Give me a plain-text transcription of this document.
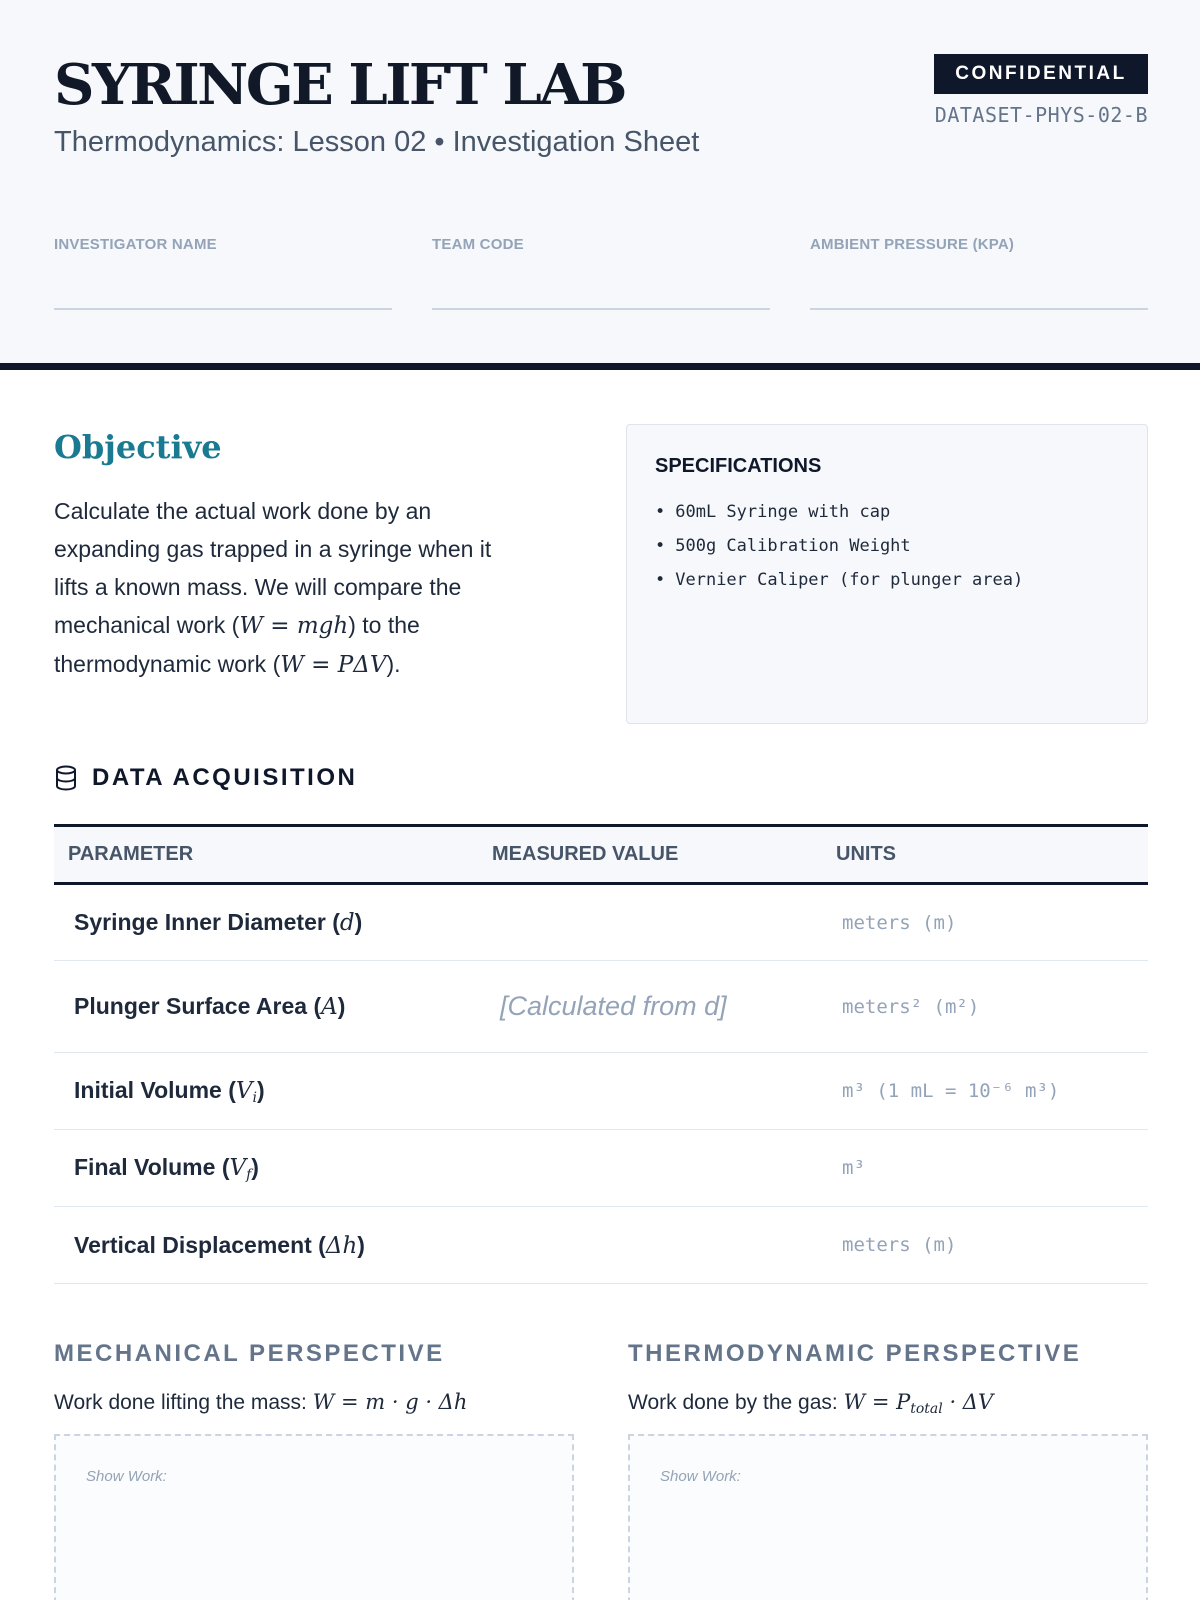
SYRINGE LIFT LAB
Thermodynamics: Lesson 02 • Investigation Sheet
CONFIDENTIAL
DATASET-PHYS-02-B
INVESTIGATOR NAME	TEAM CODE	AMBIENT PRESSURE (KPA)
Objective
Calculate the actual work done by an
expanding gas trapped in a syringe when it
lifts a known mass. We will compare the
mechanical work (W = mgh) to the
thermodynamic work (W = PΔV).
SPECIFICATIONS
• 60mL Syringe with cap
• 500g Calibration Weight
• Vernier Caliper (for plunger area)
DATA ACQUISITION
PARAMETER	MEASURED VALUE	UNITS
Syringe Inner Diameter (d)		meters (m)
Plunger Surface Area (A)	[Calculated from d]	meters² (m²)
Initial Volume $(V_i)$		m³ (1 mL = 10⁻⁶ m³)
Final Volume $(V_f)$		m³
Vertical Displacement (Δh)		meters (m)
MECHANICAL PERSPECTIVE
Work done lifting the mass: W = m · g · Δh
Show Work:
THERMODYNAMIC PERSPECTIVE
Work done by the gas: $W = P_{total} \cdot \Delta V$
Show Work:
